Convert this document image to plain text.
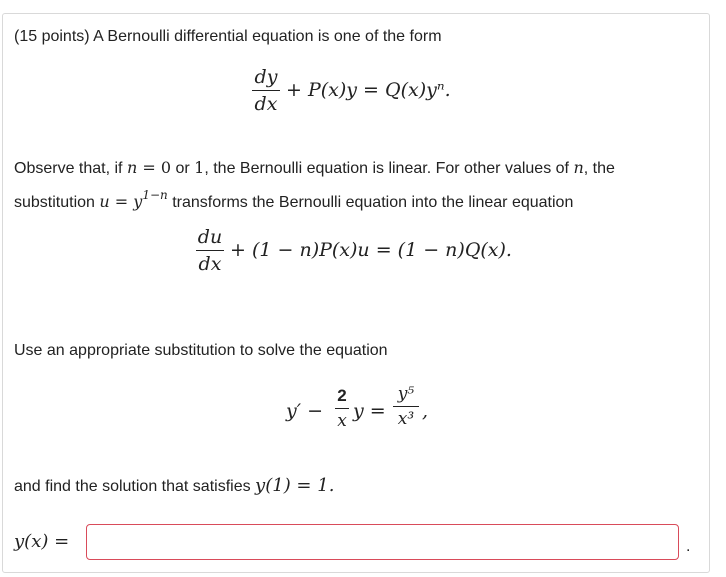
(15 points) A Bernoulli differential equation is one of the form
dy
dx
+ P(x)y = Q(x)yⁿ.
Observe that, if n = 0 or 1, the Bernoulli equation is linear. For other values of n, the
substitution $u = y^{1-n}$ transforms the Bernoulli equation into the linear equation
du
dx
+ (1 − n)P(x)u = (1 − n)Q(x).
Use an appropriate substitution to solve the equation
y′ −
2
x y =
y⁵
x³ ,
and find the solution that satisfies y(1) = 1.
y(x) =	.
